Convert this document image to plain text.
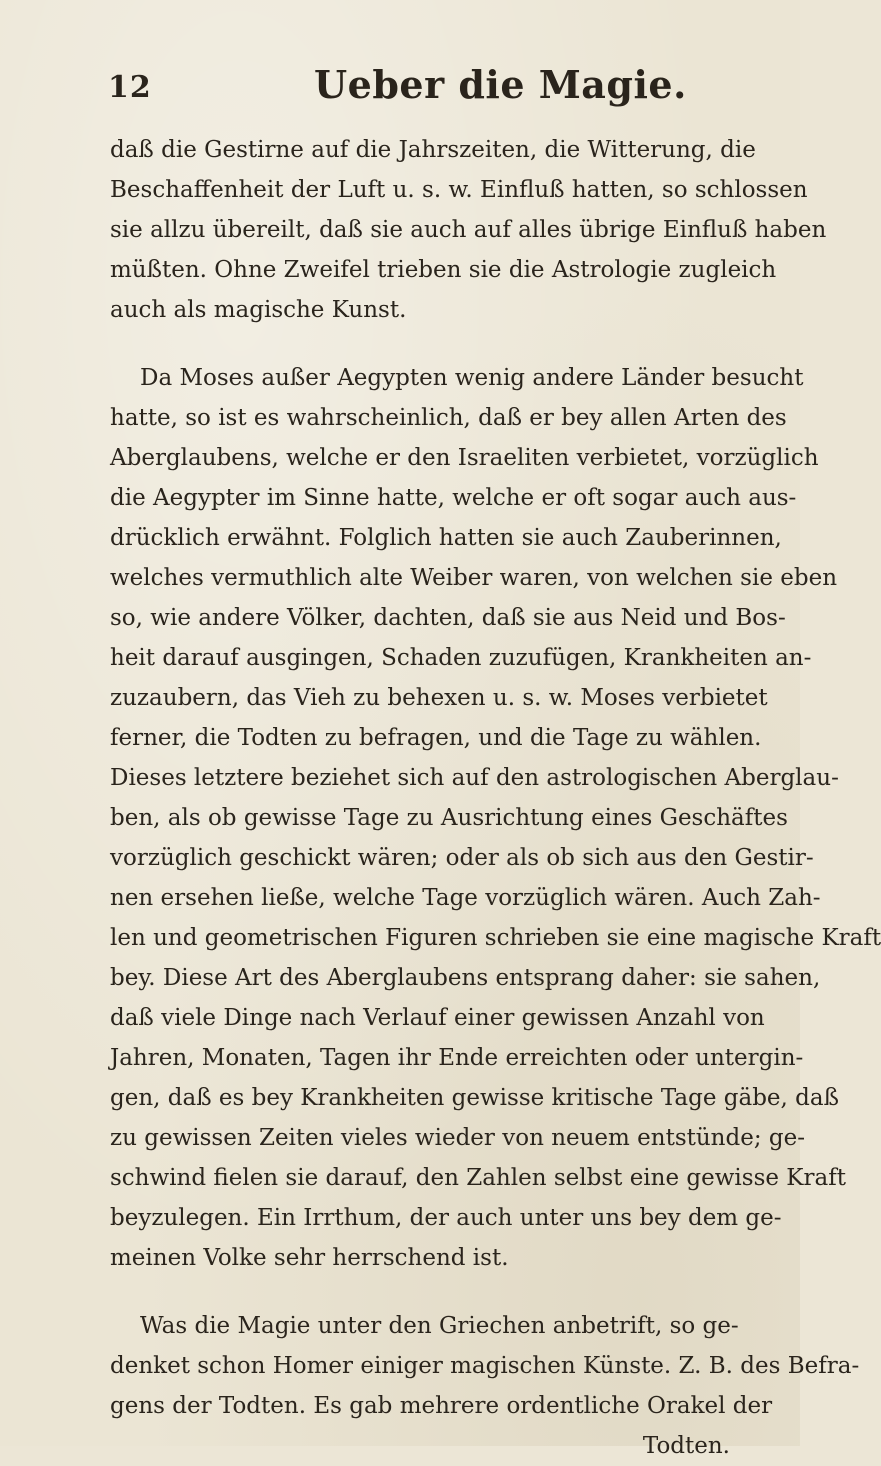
12	Ueber die Magie.
daß die Gestirne auf die Jahrszeiten, die Witterung, die
Beschaffenheit der Luft u. s. w. Einfluß hatten, so schlossen
sie allzu übereilt, daß sie auch auf alles übrige Einfluß haben
müßten. Ohne Zweifel trieben sie die Astrologie zugleich
auch als magische Kunst.
Da Moses außer Aegypten wenig andere Länder besucht
hatte, so ist es wahrscheinlich, daß er bey allen Arten des
Aberglaubens, welche er den Israeliten verbietet, vorzüglich
die Aegypter im Sinne hatte, welche er oft sogar auch aus-
drücklich erwähnt. Folglich hatten sie auch Zauberinnen,
welches vermuthlich alte Weiber waren, von welchen sie eben
so, wie andere Völker, dachten, daß sie aus Neid und Bos-
heit darauf ausgingen, Schaden zuzufügen, Krankheiten an-
zuzaubern, das Vieh zu behexen u. s. w. Moses verbietet
ferner, die Todten zu befragen, und die Tage zu wählen.
Dieses letztere beziehet sich auf den astrologischen Aberglau-
ben, als ob gewisse Tage zu Ausrichtung eines Geschäftes
vorzüglich geschickt wären; oder als ob sich aus den Gestir-
nen ersehen ließe, welche Tage vorzüglich wären. Auch Zah-
len und geometrischen Figuren schrieben sie eine magische Kraft
bey. Diese Art des Aberglaubens entsprang daher: sie sahen,
daß viele Dinge nach Verlauf einer gewissen Anzahl von
Jahren, Monaten, Tagen ihr Ende erreichten oder untergin-
gen, daß es bey Krankheiten gewisse kritische Tage gäbe, daß
zu gewissen Zeiten vieles wieder von neuem entstünde; ge-
schwind fielen sie darauf, den Zahlen selbst eine gewisse Kraft
beyzulegen. Ein Irrthum, der auch unter uns bey dem ge-
meinen Volke sehr herrschend ist.
Was die Magie unter den Griechen anbetrift, so ge-
denket schon Homer einiger magischen Künste. Z. B. des Befra-
gens der Todten. Es gab mehrere ordentliche Orakel der
Todten.
